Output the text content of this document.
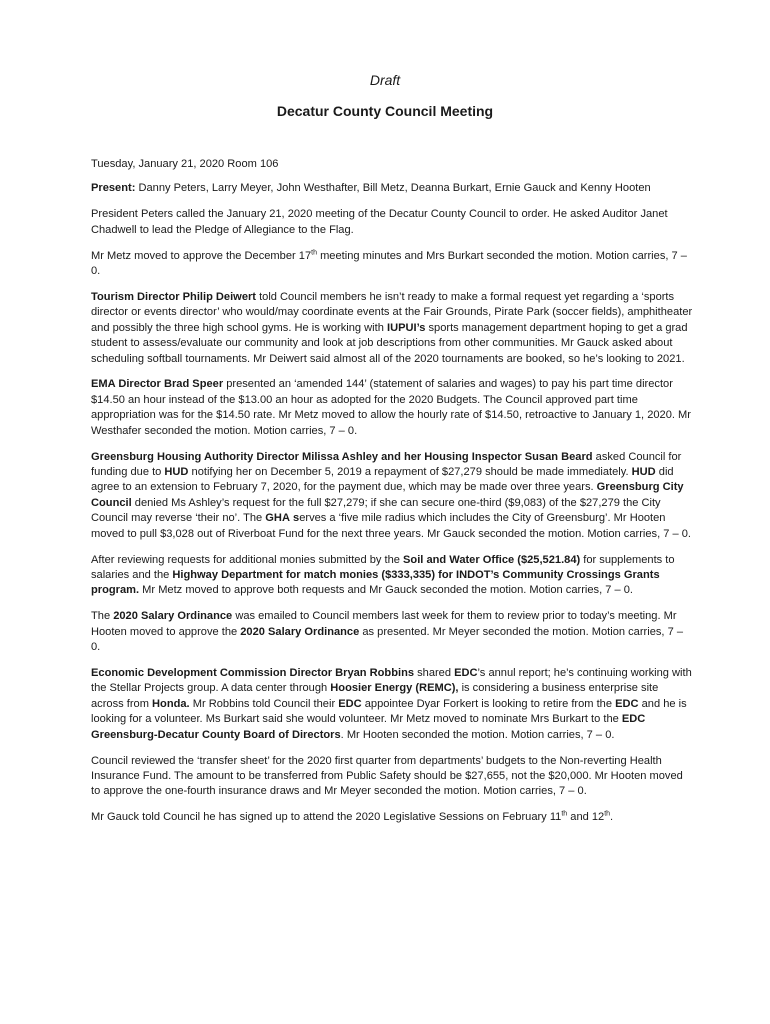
Draft
Decatur County Council Meeting

Tuesday, January 21, 2020 Room 106

Present: Danny Peters, Larry Meyer, John Westhafter, Bill Metz, Deanna Burkart, Ernie Gauck and Kenny Hooten

President Peters called the January 21, 2020 meeting of the Decatur County Council to order. He asked Auditor Janet Chadwell to lead the Pledge of Allegiance to the Flag.

Mr Metz moved to approve the December 17th meeting minutes and Mrs Burkart seconded the motion. Motion carries, 7 – 0.

Tourism Director Philip Deiwert told Council members he isn’t ready to make a formal request yet regarding a ‘sports director or events director’ who would/may coordinate events at the Fair Grounds, Pirate Park (soccer fields), amphitheater and possibly the three high school gyms. He is working with IUPUI’s sports management department hoping to get a grad student to assess/evaluate our community and look at job descriptions from other communities. Mr Gauck asked about scheduling softball tournaments. Mr Deiwert said almost all of the 2020 tournaments are booked, so he’s looking to 2021.

EMA Director Brad Speer presented an ‘amended 144’ (statement of salaries and wages) to pay his part time director $14.50 an hour instead of the $13.00 an hour as adopted for the 2020 Budgets. The Council approved part time appropriation was for the $14.50 rate. Mr Metz moved to allow the hourly rate of $14.50, retroactive to January 1, 2020. Mr Westhafer seconded the motion. Motion carries, 7 – 0.

Greensburg Housing Authority Director Milissa Ashley and her Housing Inspector Susan Beard asked Council for funding due to HUD notifying her on December 5, 2019 a repayment of $27,279 should be made immediately. HUD did agree to an extension to February 7, 2020, for the payment due, which may be made over three years. Greensburg City Council denied Ms Ashley’s request for the full $27,279; if she can secure one-third ($9,083) of the $27,279 the City Council may reverse ‘their no’. The GHA serves a ‘five mile radius which includes the City of Greensburg’. Mr Hooten moved to pull $3,028 out of Riverboat Fund for the next three years. Mr Gauck seconded the motion. Motion carries, 7 – 0.

After reviewing requests for additional monies submitted by the Soil and Water Office ($25,521.84) for supplements to salaries and the Highway Department for match monies ($333,335) for INDOT’s Community Crossings Grants program. Mr Metz moved to approve both requests and Mr Gauck seconded the motion. Motion carries, 7 – 0.

The 2020 Salary Ordinance was emailed to Council members last week for them to review prior to today’s meeting. Mr Hooten moved to approve the 2020 Salary Ordinance as presented. Mr Meyer seconded the motion. Motion carries, 7 – 0.

Economic Development Commission Director Bryan Robbins shared EDC’s annul report; he’s continuing working with the Stellar Projects group. A data center through Hoosier Energy (REMC), is considering a business enterprise site across from Honda. Mr Robbins told Council their EDC appointee Dyar Forkert is looking to retire from the EDC and he is looking for a volunteer. Ms Burkart said she would volunteer. Mr Metz moved to nominate Mrs Burkart to the EDC Greensburg-Decatur County Board of Directors. Mr Hooten seconded the motion. Motion carries, 7 – 0.

Council reviewed the ‘transfer sheet’ for the 2020 first quarter from departments’ budgets to the Non-reverting Health Insurance Fund. The amount to be transferred from Public Safety should be $27,655, not the $20,000. Mr Hooten moved to approve the one-fourth insurance draws and Mr Meyer seconded the motion. Motion carries, 7 – 0.

Mr Gauck told Council he has signed up to attend the 2020 Legislative Sessions on February 11th and 12th.
